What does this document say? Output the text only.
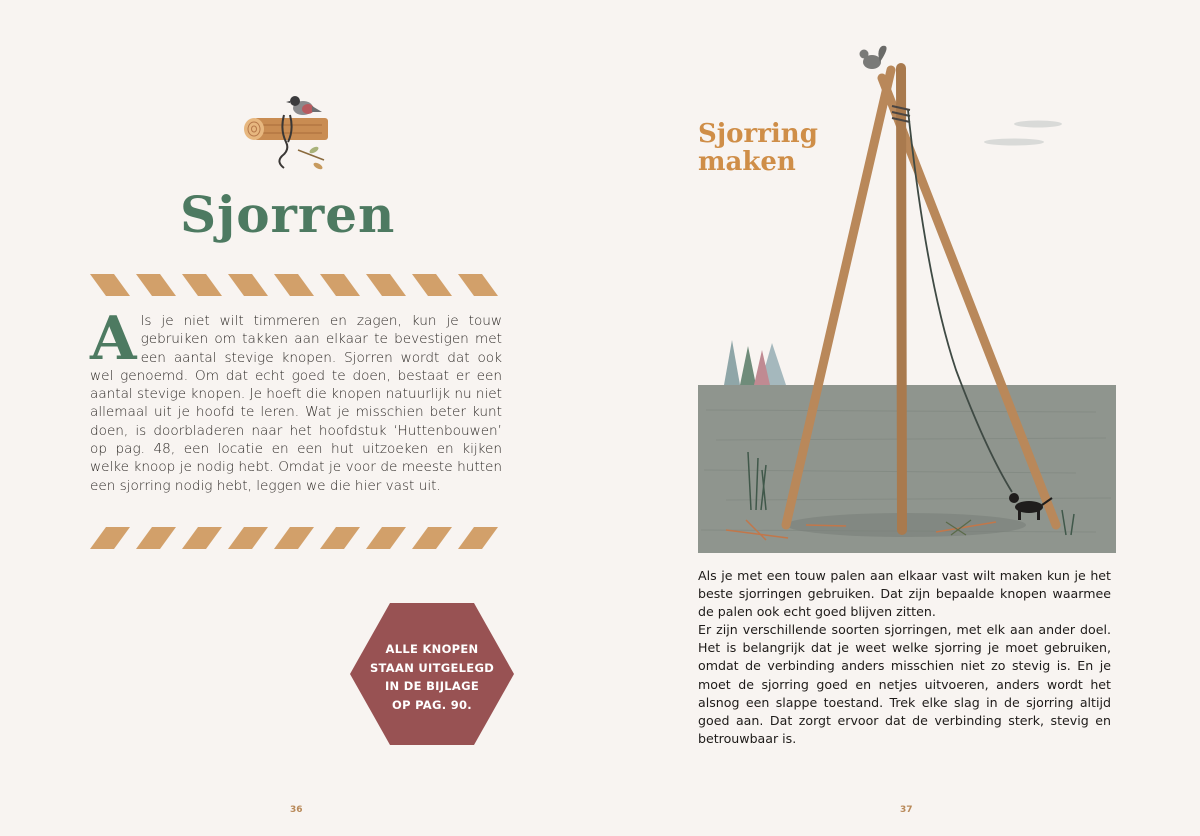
Sjorren
A ls je niet wilt timmeren en zagen, kun je touw gebruiken om takken aan elkaar te bevestigen met een aantal stevige knopen. Sjorren wordt dat ook wel genoemd. Om dat echt goed te doen, bestaat er een aantal stevige knopen. Je hoeft die knopen natuurlijk nu niet allemaal uit je hoofd te leren. Wat je misschien beter kunt doen, is doorbladeren naar het hoofdstuk ‘Huttenbouwen’ op pag. 48, een locatie en een hut uitzoeken en kijken welke knoop je nodig hebt. Omdat je voor de meeste hutten een sjorring nodig hebt, leggen we die hier vast uit.
ALLE KNOPEN
STAAN UITGELEGD
IN DE BIJLAGE
OP PAG. 90.
36
Sjorring
maken

Als je met een touw palen aan elkaar vast wilt maken kun je het beste sjorringen gebruiken. Dat zijn bepaalde knopen waarmee de palen ook echt goed blijven zitten.

Er zijn verschillende soorten sjorringen, met elk aan ander doel. Het is belangrijk dat je weet welke sjorring je moet gebruiken, omdat de verbinding anders misschien niet zo stevig is. En je moet de sjorring goed en netjes uitvoeren, anders wordt het alsnog een slappe toestand. Trek elke slag in de sjorring altijd goed aan. Dat zorgt ervoor dat de verbinding sterk, stevig en betrouwbaar is.

37
